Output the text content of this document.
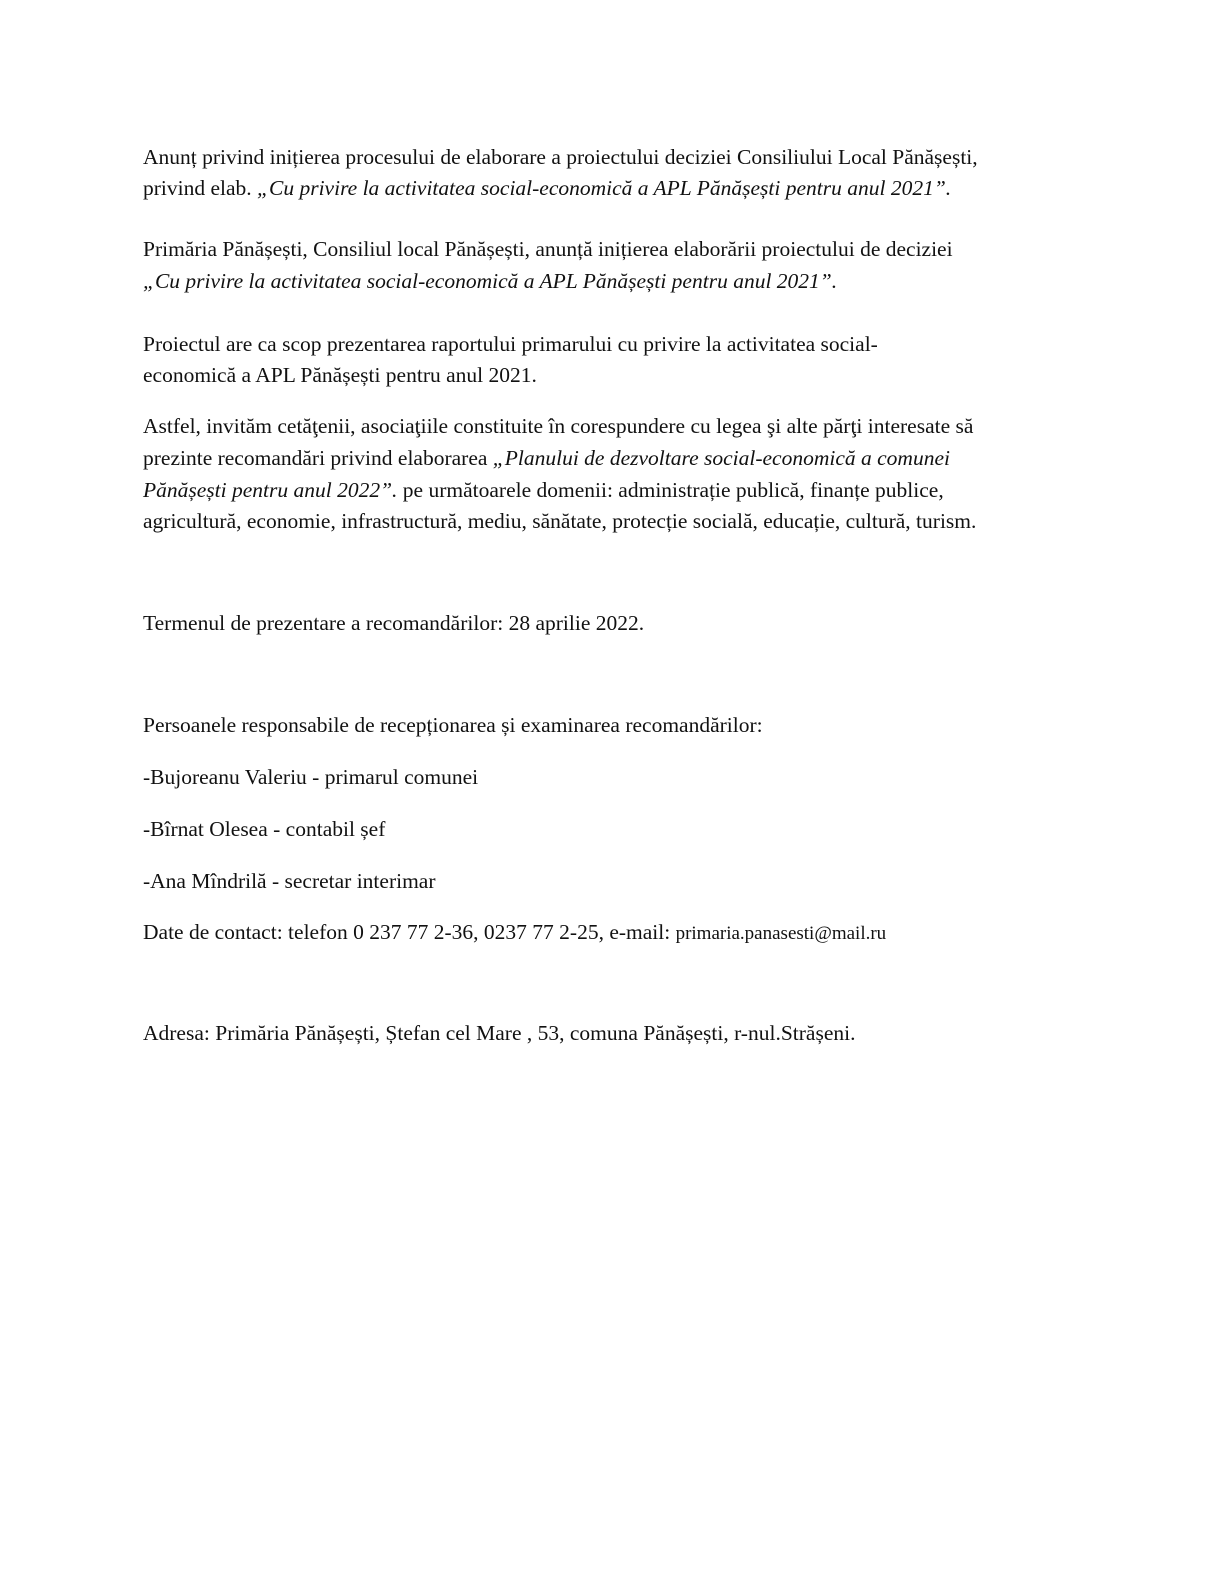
Anunț privind inițierea procesului de elaborare a proiectului deciziei Consiliului Local Pănășești,
privind elab. „Cu privire la activitatea social-economică a APL Pănășești pentru anul 2021”.
Primăria Pănășești, Consiliul local Pănășești, anunță inițierea elaborării proiectului de deciziei
„Cu privire la activitatea social-economică a APL Pănășești pentru anul 2021”.
Proiectul are ca scop prezentarea raportului primarului cu privire la activitatea social-
economică a APL Pănășești pentru anul 2021.
Astfel, invităm cetăţenii, asociaţiile constituite în corespundere cu legea şi alte părţi interesate să
prezinte recomandări privind elaborarea „Planului de dezvoltare social-economică a comunei
Pănășești pentru anul 2022”. pe următoarele domenii: administrație publică, finanțe publice,
agricultură, economie, infrastructură, mediu, sănătate, protecție socială, educație, cultură, turism.
Termenul de prezentare a recomandărilor: 28 aprilie 2022.
Persoanele responsabile de recepționarea și examinarea recomandărilor:
-Bujoreanu Valeriu - primarul comunei
-Bîrnat Olesea - contabil șef
-Ana Mîndrilă - secretar interimar
Date de contact: telefon 0 237 77 2-36, 0237 77 2-25, e-mail: primaria.panasesti@mail.ru
Adresa: Primăria Pănășești, Ștefan cel Mare , 53, comuna Pănășești, r-nul.Strășeni.
